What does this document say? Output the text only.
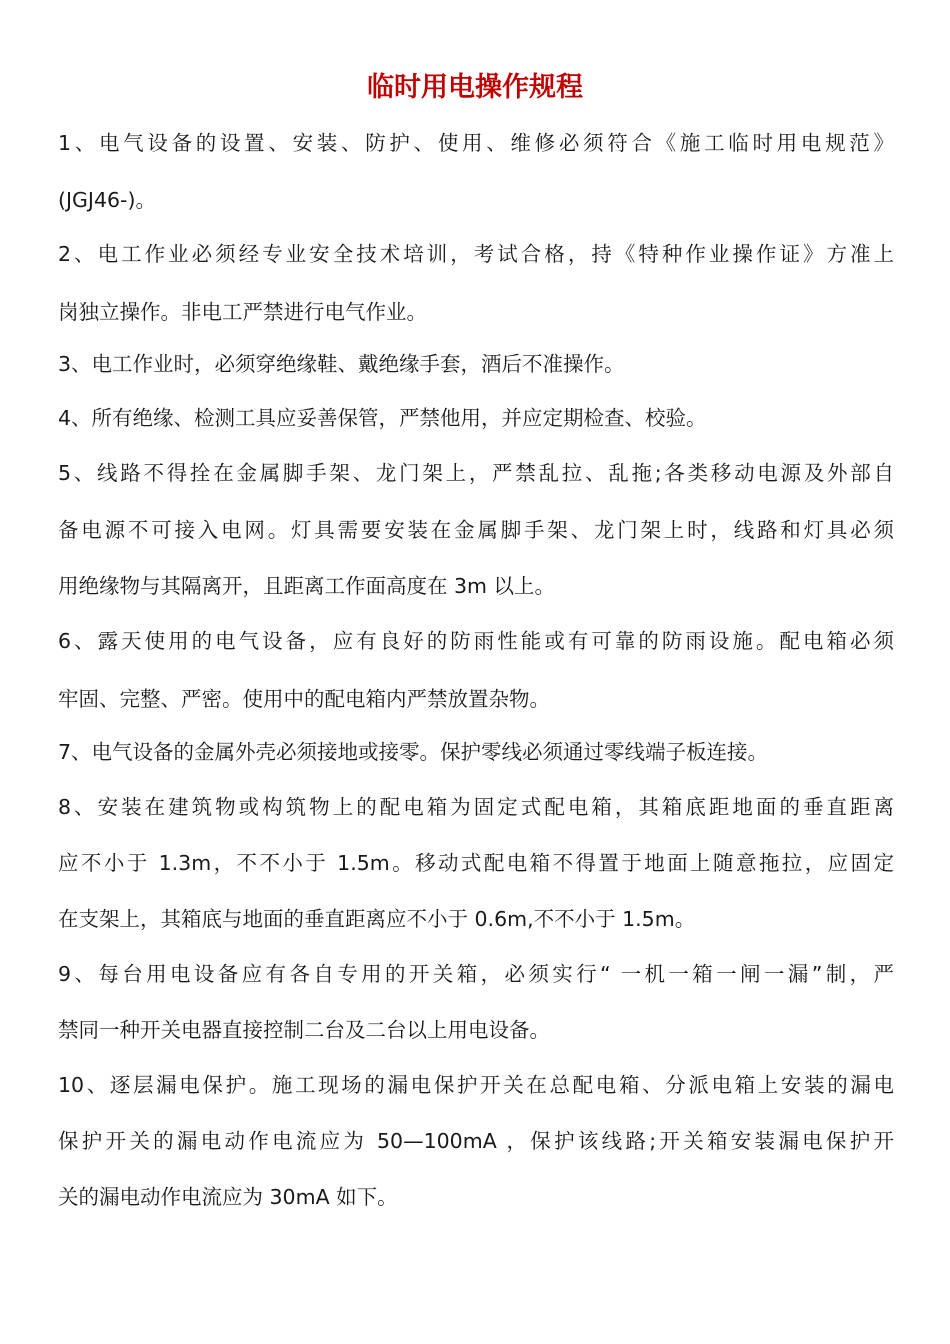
临时用电操作规程
1、电气设备的设置、安装、防护、使用、维修必须符合《施工临时用电规范》
(JGJ46-)。
2、电工作业必须经专业安全技术培训，考试合格，持《特种作业操作证》方准上
岗独立操作。非电工严禁进行电气作业。
3、电工作业时，必须穿绝缘鞋、戴绝缘手套，酒后不准操作。
4、所有绝缘、检测工具应妥善保管，严禁他用，并应定期检查、校验。
5、线路不得拴在金属脚手架、龙门架上，严禁乱拉、乱拖;各类移动电源及外部自
备电源不可接入电网。灯具需要安装在金属脚手架、龙门架上时，线路和灯具必须
用绝缘物与其隔离开，且距离工作面高度在 3m 以上。
6、露天使用的电气设备，应有良好的防雨性能或有可靠的防雨设施。配电箱必须
牢固、完整、严密。使用中的配电箱内严禁放置杂物。
7、电气设备的金属外壳必须接地或接零。保护零线必须通过零线端子板连接。
8、安装在建筑物或构筑物上的配电箱为固定式配电箱，其箱底距地面的垂直距离
应不小于 1.3m，不不小于 1.5m。移动式配电箱不得置于地面上随意拖拉，应固定
在支架上，其箱底与地面的垂直距离应不小于 0.6m,不不小于 1.5m。
9、每台用电设备应有各自专用的开关箱，必须实行“ 一机一箱一闸一漏”制，严
禁同一种开关电器直接控制二台及二台以上用电设备。
10、逐层漏电保护。施工现场的漏电保护开关在总配电箱、分派电箱上安装的漏电
保护开关的漏电动作电流应为 50—100mA ，保护该线路;开关箱安装漏电保护开
关的漏电动作电流应为 30mA 如下。
